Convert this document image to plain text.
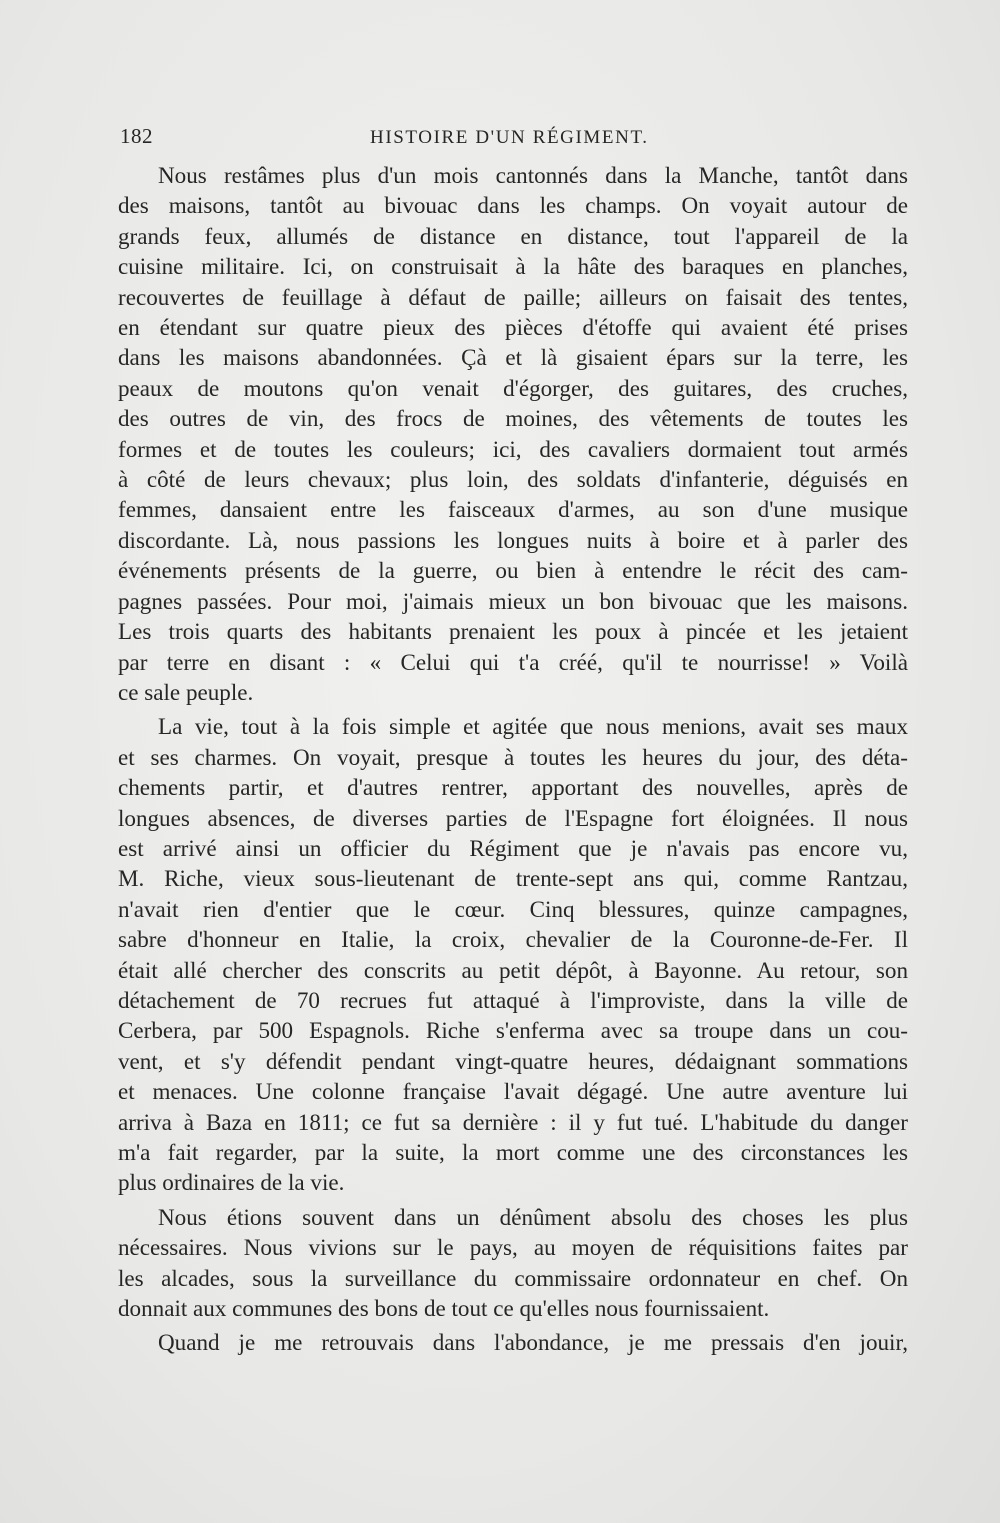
182	HISTOIRE D'UN RÉGIMENT.
Nous restâmes plus d'un mois cantonnés dans la Manche, tantôt dans
des maisons, tantôt au bivouac dans les champs. On voyait autour de
grands feux, allumés de distance en distance, tout l'appareil de la
cuisine militaire. Ici, on construisait à la hâte des baraques en planches,
recouvertes de feuillage à défaut de paille; ailleurs on faisait des tentes,
en étendant sur quatre pieux des pièces d'étoffe qui avaient été prises
dans les maisons abandonnées. Çà et là gisaient épars sur la terre, les
peaux de moutons qu'on venait d'égorger, des guitares, des cruches,
des outres de vin, des frocs de moines, des vêtements de toutes les
formes et de toutes les couleurs; ici, des cavaliers dormaient tout armés
à côté de leurs chevaux; plus loin, des soldats d'infanterie, déguisés en
femmes, dansaient entre les faisceaux d'armes, au son d'une musique
discordante. Là, nous passions les longues nuits à boire et à parler des
événements présents de la guerre, ou bien à entendre le récit des cam-
pagnes passées. Pour moi, j'aimais mieux un bon bivouac que les maisons.
Les trois quarts des habitants prenaient les poux à pincée et les jetaient
par terre en disant : « Celui qui t'a créé, qu'il te nourrisse! » Voilà
ce sale peuple.
La vie, tout à la fois simple et agitée que nous menions, avait ses maux
et ses charmes. On voyait, presque à toutes les heures du jour, des déta-
chements partir, et d'autres rentrer, apportant des nouvelles, après de
longues absences, de diverses parties de l'Espagne fort éloignées. Il nous
est arrivé ainsi un officier du Régiment que je n'avais pas encore vu,
M. Riche, vieux sous-lieutenant de trente-sept ans qui, comme Rantzau,
n'avait rien d'entier que le cœur. Cinq blessures, quinze campagnes,
sabre d'honneur en Italie, la croix, chevalier de la Couronne-de-Fer. Il
était allé chercher des conscrits au petit dépôt, à Bayonne. Au retour, son
détachement de 70 recrues fut attaqué à l'improviste, dans la ville de
Cerbera, par 500 Espagnols. Riche s'enferma avec sa troupe dans un cou-
vent, et s'y défendit pendant vingt-quatre heures, dédaignant sommations
et menaces. Une colonne française l'avait dégagé. Une autre aventure lui
arriva à Baza en 1811; ce fut sa dernière : il y fut tué. L'habitude du danger
m'a fait regarder, par la suite, la mort comme une des circonstances les
plus ordinaires de la vie.
Nous étions souvent dans un dénûment absolu des choses les plus
nécessaires. Nous vivions sur le pays, au moyen de réquisitions faites par
les alcades, sous la surveillance du commissaire ordonnateur en chef. On
donnait aux communes des bons de tout ce qu'elles nous fournissaient.
Quand je me retrouvais dans l'abondance, je me pressais d'en jouir,
